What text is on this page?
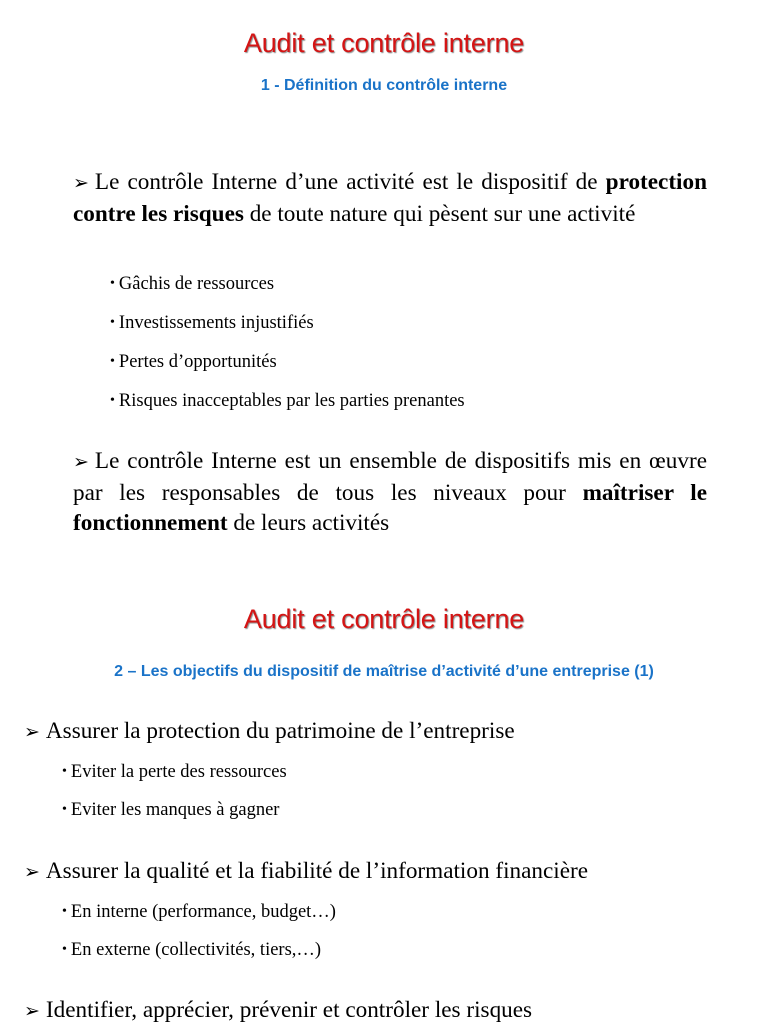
Audit et contrôle interne
1 - Définition du contrôle interne

➢ Le contrôle Interne d’une activité est le dispositif de protection contre les risques de toute nature qui pèsent sur une activité

• Gâchis de ressources

• Investissements injustifiés

• Pertes d’opportunités

• Risques inacceptables par les parties prenantes

➢ Le contrôle Interne est un ensemble de dispositifs mis en œuvre par les responsables de tous les niveaux pour maîtriser le fonctionnement de leurs activités

Audit et contrôle interne
2 – Les objectifs du dispositif de maîtrise d’activité d’une entreprise (1)

➢ Assurer la protection du patrimoine de l’entreprise

• Eviter la perte des ressources

• Eviter les manques à gagner

➢ Assurer la qualité et la fiabilité de l’information financière

• En interne (performance, budget…)

• En externe (collectivités, tiers,…)

➢ Identifier, apprécier, prévenir et contrôler les risques
